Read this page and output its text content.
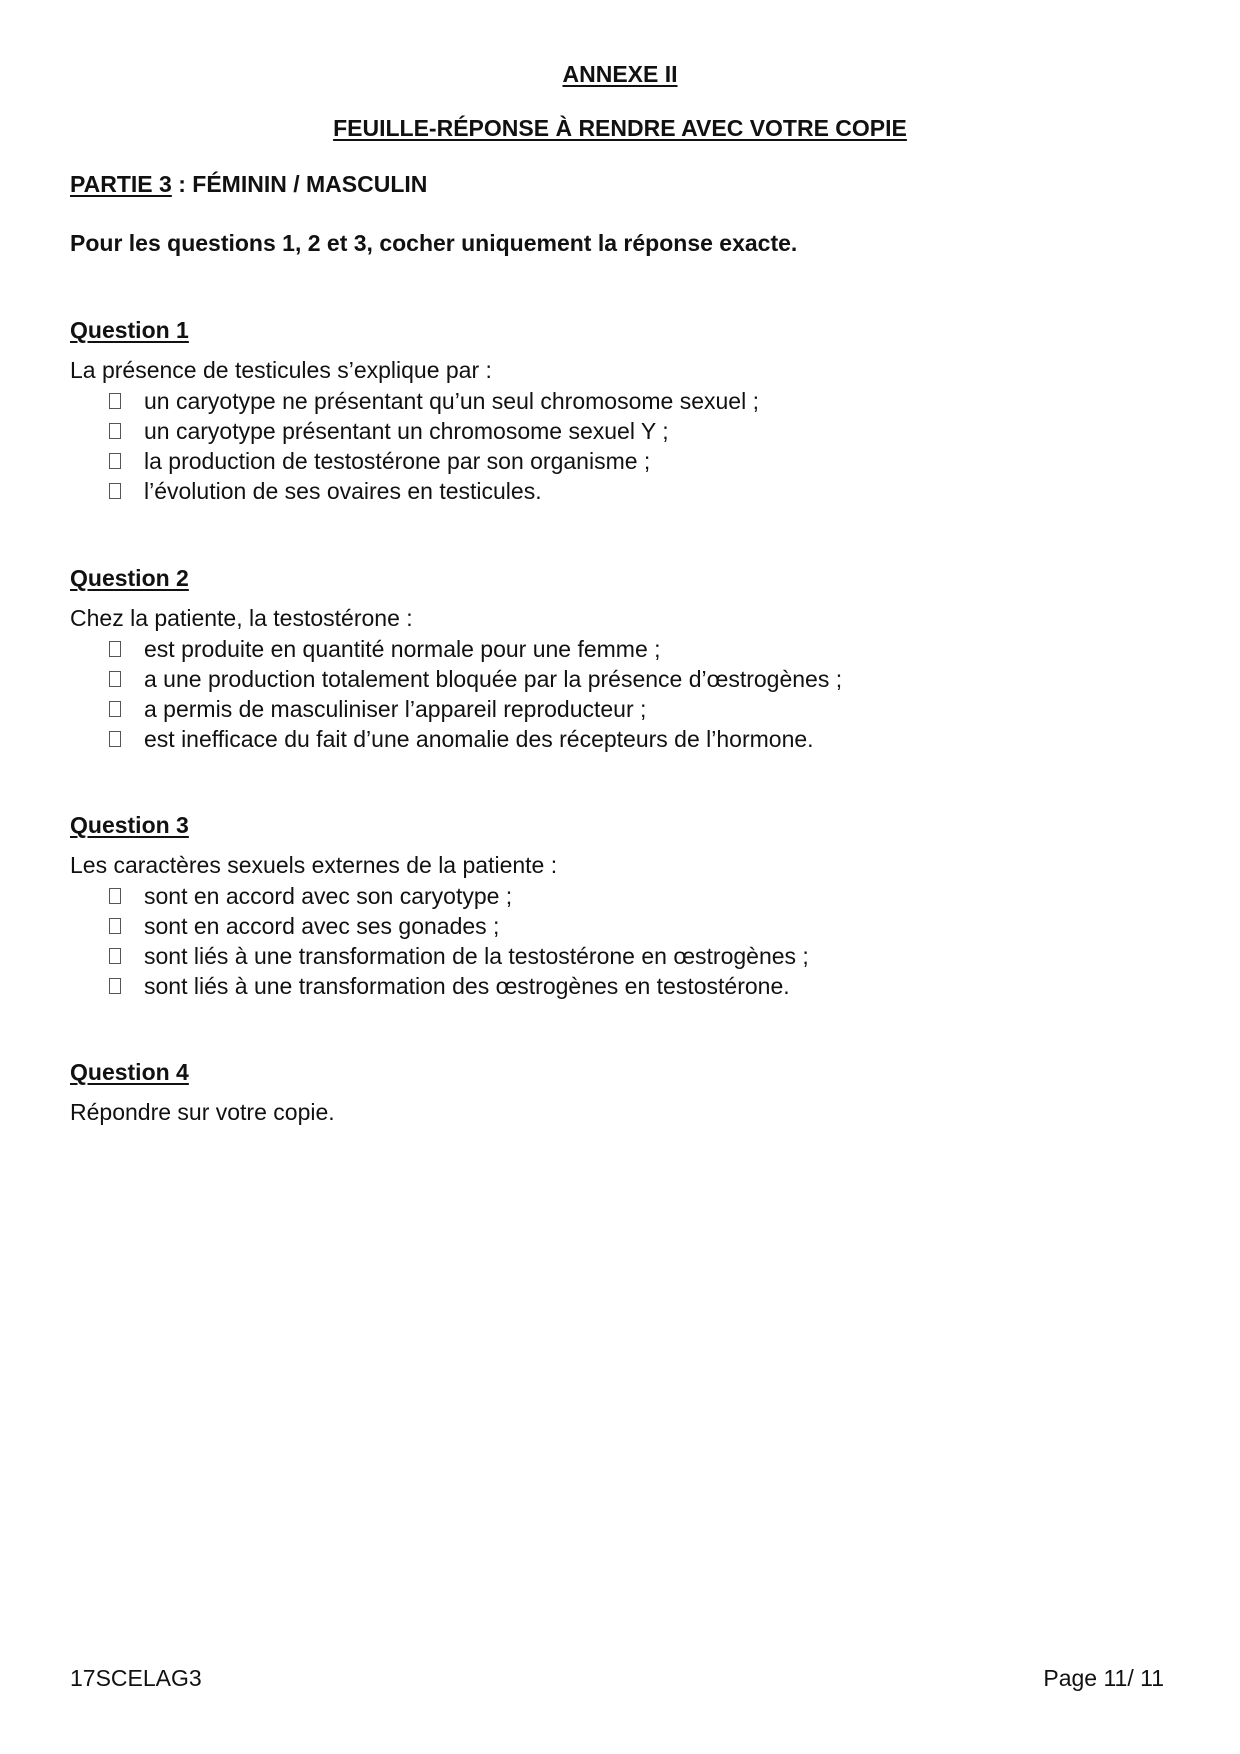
ANNEXE II
FEUILLE-RÉPONSE À RENDRE AVEC VOTRE COPIE
PARTIE 3 : FÉMININ / MASCULIN
Pour les questions 1, 2 et 3, cocher uniquement la réponse exacte.
Question 1

La présence de testicules s’explique par :

un caryotype ne présentant qu’un seul chromosome sexuel ;
un caryotype présentant un chromosome sexuel Y ;
la production de testostérone par son organisme ;
l’évolution de ses ovaires en testicules.
Question 2

Chez la patiente, la testostérone :

est produite en quantité normale pour une femme ;
a une production totalement bloquée par la présence d’œstrogènes ;
a permis de masculiniser l’appareil reproducteur ;
est inefficace du fait d’une anomalie des récepteurs de l’hormone.
Question 3

Les caractères sexuels externes de la patiente :

sont en accord avec son caryotype ;
sont en accord avec ses gonades ;
sont liés à une transformation de la testostérone en œstrogènes ;
sont liés à une transformation des œstrogènes en testostérone.
Question 4

Répondre sur votre copie.

17SCELAG3	Page 11/ 11
